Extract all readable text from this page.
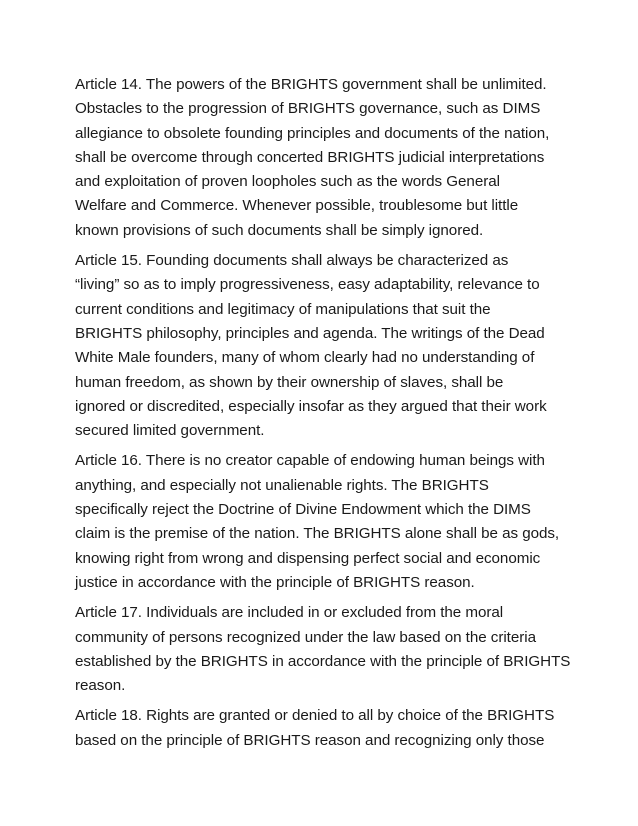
Article 14. The powers of the BRIGHTS government shall be unlimited.
Obstacles to the progression of BRIGHTS governance, such as DIMS
allegiance to obsolete founding principles and documents of the nation,
shall be overcome through concerted BRIGHTS judicial interpretations
and exploitation of proven loopholes such as the words General
Welfare and Commerce. Whenever possible, troublesome but little
known provisions of such documents shall be simply ignored.
Article 15. Founding documents shall always be characterized as
“living” so as to imply progressiveness, easy adaptability, relevance to
current conditions and legitimacy of manipulations that suit the
BRIGHTS philosophy, principles and agenda. The writings of the Dead
White Male founders, many of whom clearly had no understanding of
human freedom, as shown by their ownership of slaves, shall be
ignored or discredited, especially insofar as they argued that their work
secured limited government.
Article 16. There is no creator capable of endowing human beings with
anything, and especially not unalienable rights. The BRIGHTS
specifically reject the Doctrine of Divine Endowment which the DIMS
claim is the premise of the nation. The BRIGHTS alone shall be as gods,
knowing right from wrong and dispensing perfect social and economic
justice in accordance with the principle of BRIGHTS reason.
Article 17. Individuals are included in or excluded from the moral
community of persons recognized under the law based on the criteria
established by the BRIGHTS in accordance with the principle of BRIGHTS
reason.
Article 18. Rights are granted or denied to all by choice of the BRIGHTS
based on the principle of BRIGHTS reason and recognizing only those
